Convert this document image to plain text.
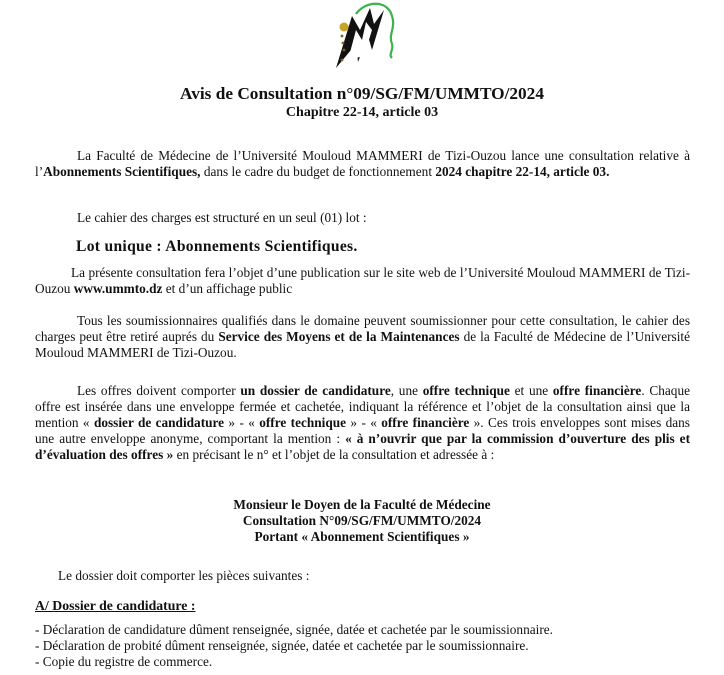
Avis de Consultation n°09/SG/FM/UMMTO/2024
Chapitre 22-14, article 03
La Faculté de Médecine de l’Université Mouloud MAMMERI de Tizi-Ouzou lance une consultation relative à l’Abonnements Scientifiques, dans le cadre du budget de fonctionnement 2024 chapitre 22-14, article 03.
Le cahier des charges est structuré en un seul (01) lot :
Lot unique : Abonnements Scientifiques.
La présente consultation fera l’objet d’une publication sur le site web de l’Université Mouloud MAMMERI de Tizi-Ouzou www.ummto.dz et d’un affichage public
Tous les soumissionnaires qualifiés dans le domaine peuvent soumissionner pour cette consultation, le cahier des charges peut être retiré auprés du Service des Moyens et de la Maintenances de la Faculté de Médecine de l’Université Mouloud MAMMERI de Tizi-Ouzou.
Les offres doivent comporter un dossier de candidature, une offre technique et une offre financière. Chaque offre est insérée dans une enveloppe fermée et cachetée, indiquant la référence et l’objet de la consultation ainsi que la mention « dossier de candidature » - « offre technique » - « offre financière ». Ces trois enveloppes sont mises dans une autre enveloppe anonyme, comportant la mention : « à n’ouvrir que par la commission d’ouverture des plis et d’évaluation des offres » en précisant le n° et l’objet de la consultation et adressée à :
Monsieur le Doyen de la Faculté de Médecine
Consultation N°09/SG/FM/UMMTO/2024
Portant « Abonnement Scientifiques »
Le dossier doit comporter les pièces suivantes :
A/ Dossier de candidature :
- Déclaration de candidature dûment renseignée, signée, datée et cachetée par le soumissionnaire.
- Déclaration de probité dûment renseignée, signée, datée et cachetée par le soumissionnaire.
- Copie du registre de commerce.
